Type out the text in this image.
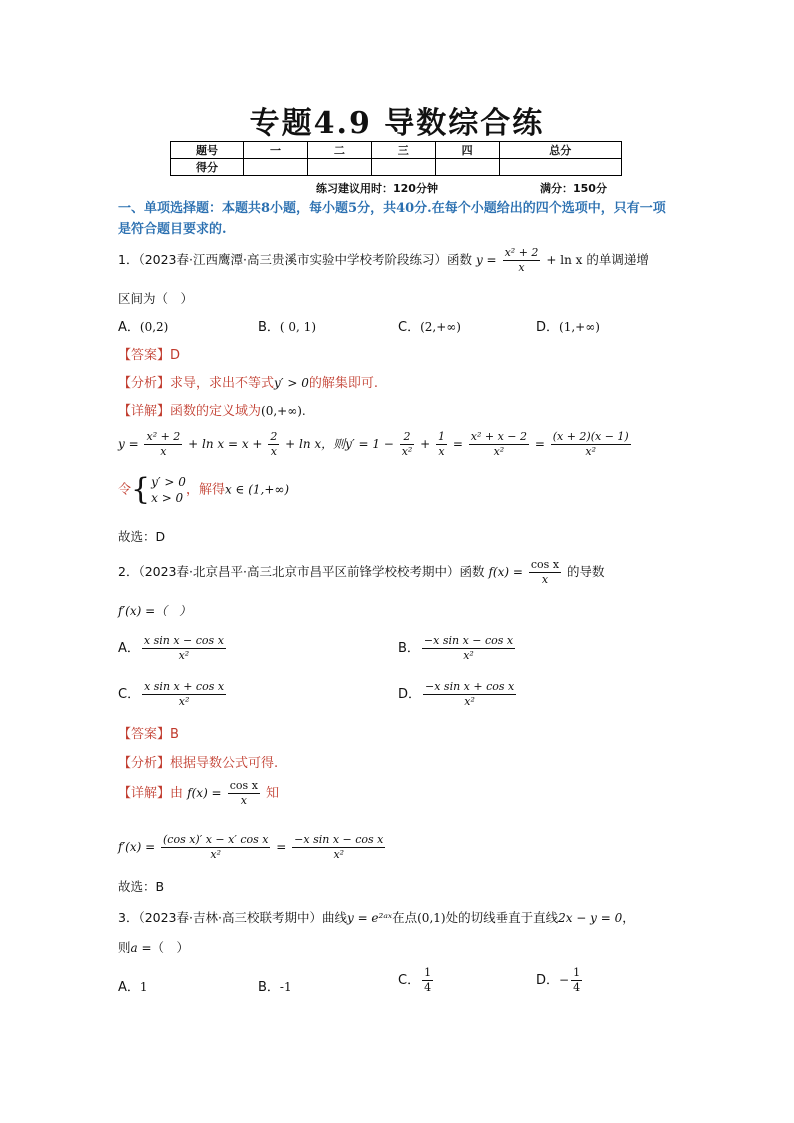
专题4.9 导数综合练
题号	一	二	三	四	总分
得分					
练习建议用时：120分钟	满分：150分
一、单项选择题：本题共8小题，每小题5分，共40分.在每个小题给出的四个选项中，只有一项是符合题目要求的.
1．（2023春·江西鹰潭·高三贵溪市实验中学校考阶段练习）函数 $y = \frac{\text{x² + 2}}{x} + \ln x$ 的单调递增
区间为（　）
A．(0,2)	B．( 0, 1)	C．(2,+∞)	D．(1,+∞)
【答案】D
【分析】求导，求出不等式y′ > 0的解集即可.
【详解】函数的定义域为(0,+∞).
$y = \frac{\text{x² + 2}}{x} + \ln x = x + \frac{2}{x} + \ln x$，则$y' = 1 - \frac{2}{\text{x²}} + \frac{1}{x} = \frac{\text{x² + x − 2}}{\text{x²}} = \frac{(x + 2)(x - 1)}{\text{x²}}$
令{ y′ > 0
x > 0
，解得x ∈ (1,+∞)
故选：D
2．（2023春·北京昌平·高三北京市昌平区前锋学校校考期中）函数 $f(x) = \frac{\text{cos x}}{x}$ 的导数
f′(x) =（　）
A． $\frac{\text{x sin x − cos x}}{\text{x²}}$	B． $\frac{\text{−x sin x − cos x}}{\text{x²}}$
C． $\frac{\text{x sin x + cos x}}{\text{x²}}$	D． $\frac{\text{−x sin x + cos x}}{\text{x²}}$
【答案】B
【分析】根据导数公式可得.
【详解】由 $f(x) = \frac{\text{cos x}}{x}$ 知
$f'(x) = \frac{\text{(cos x)′ x − x′ cos x}}{\text{x²}} = \frac{\text{−x sin x − cos x}}{\text{x²}}$
故选：B
3．（2023春·吉林·高三校联考期中）曲线y = e²ᵃˣ在点(0,1)处的切线垂直于直线2x − y = 0，
则a =（　）
A．1	B．-1	C． $\frac{1}{4}$	D．− $\frac{1}{4}$
